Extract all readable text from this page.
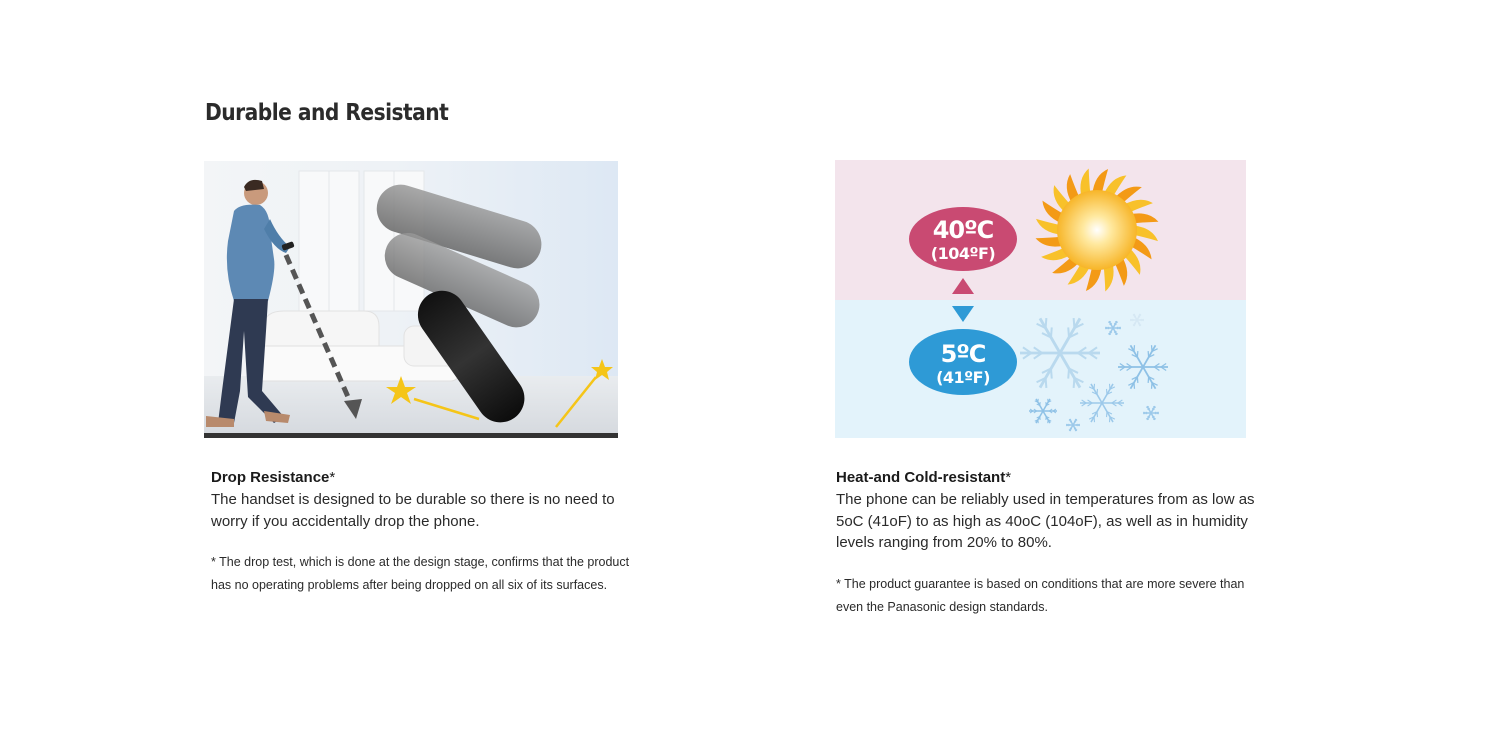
Durable and Resistant
40ºC
(104ºF)
5ºC
(41ºF)
Drop Resistance*
The handset is designed to be durable so there is no need to worry if you accidentally drop the phone.
* The drop test, which is done at the design stage, confirms that the product has no operating problems after being dropped on all six of its surfaces.
Heat-and Cold-resistant*
The phone can be reliably used in temperatures from as low as 5oC (41oF) to as high as 40oC (104oF), as well as in humidity levels ranging from 20% to 80%.
* The product guarantee is based on conditions that are more severe than even the Panasonic design standards.
